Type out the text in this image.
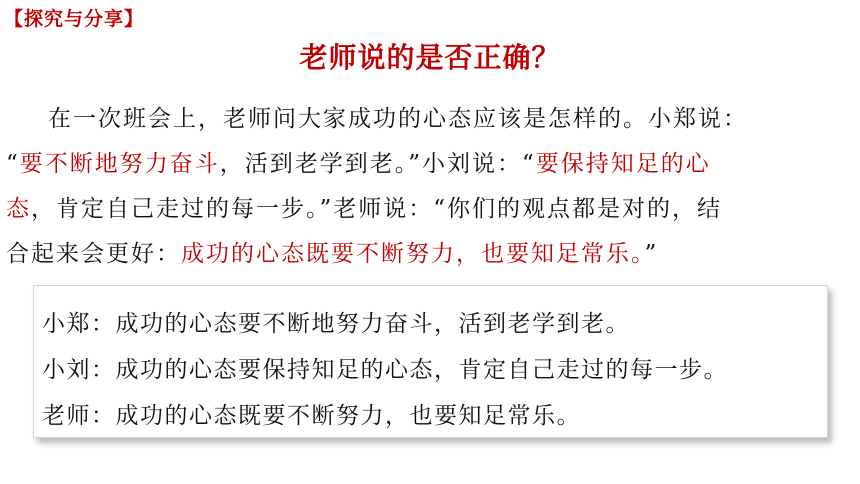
【探究与分享】
老师说的是否正确？
在一次班会上，老师问大家成功的心态应该是怎样的。小郑说：
“要不断地努力奋斗，活到老学到老。”小刘说：“要保持知足的心
态，肯定自己走过的每一步。”老师说：“你们的观点都是对的，结
合起来会更好：成功的心态既要不断努力，也要知足常乐。”
小郑：成功的心态要不断地努力奋斗，活到老学到老。
小刘：成功的心态要保持知足的心态，肯定自己走过的每一步。
老师：成功的心态既要不断努力，也要知足常乐。
